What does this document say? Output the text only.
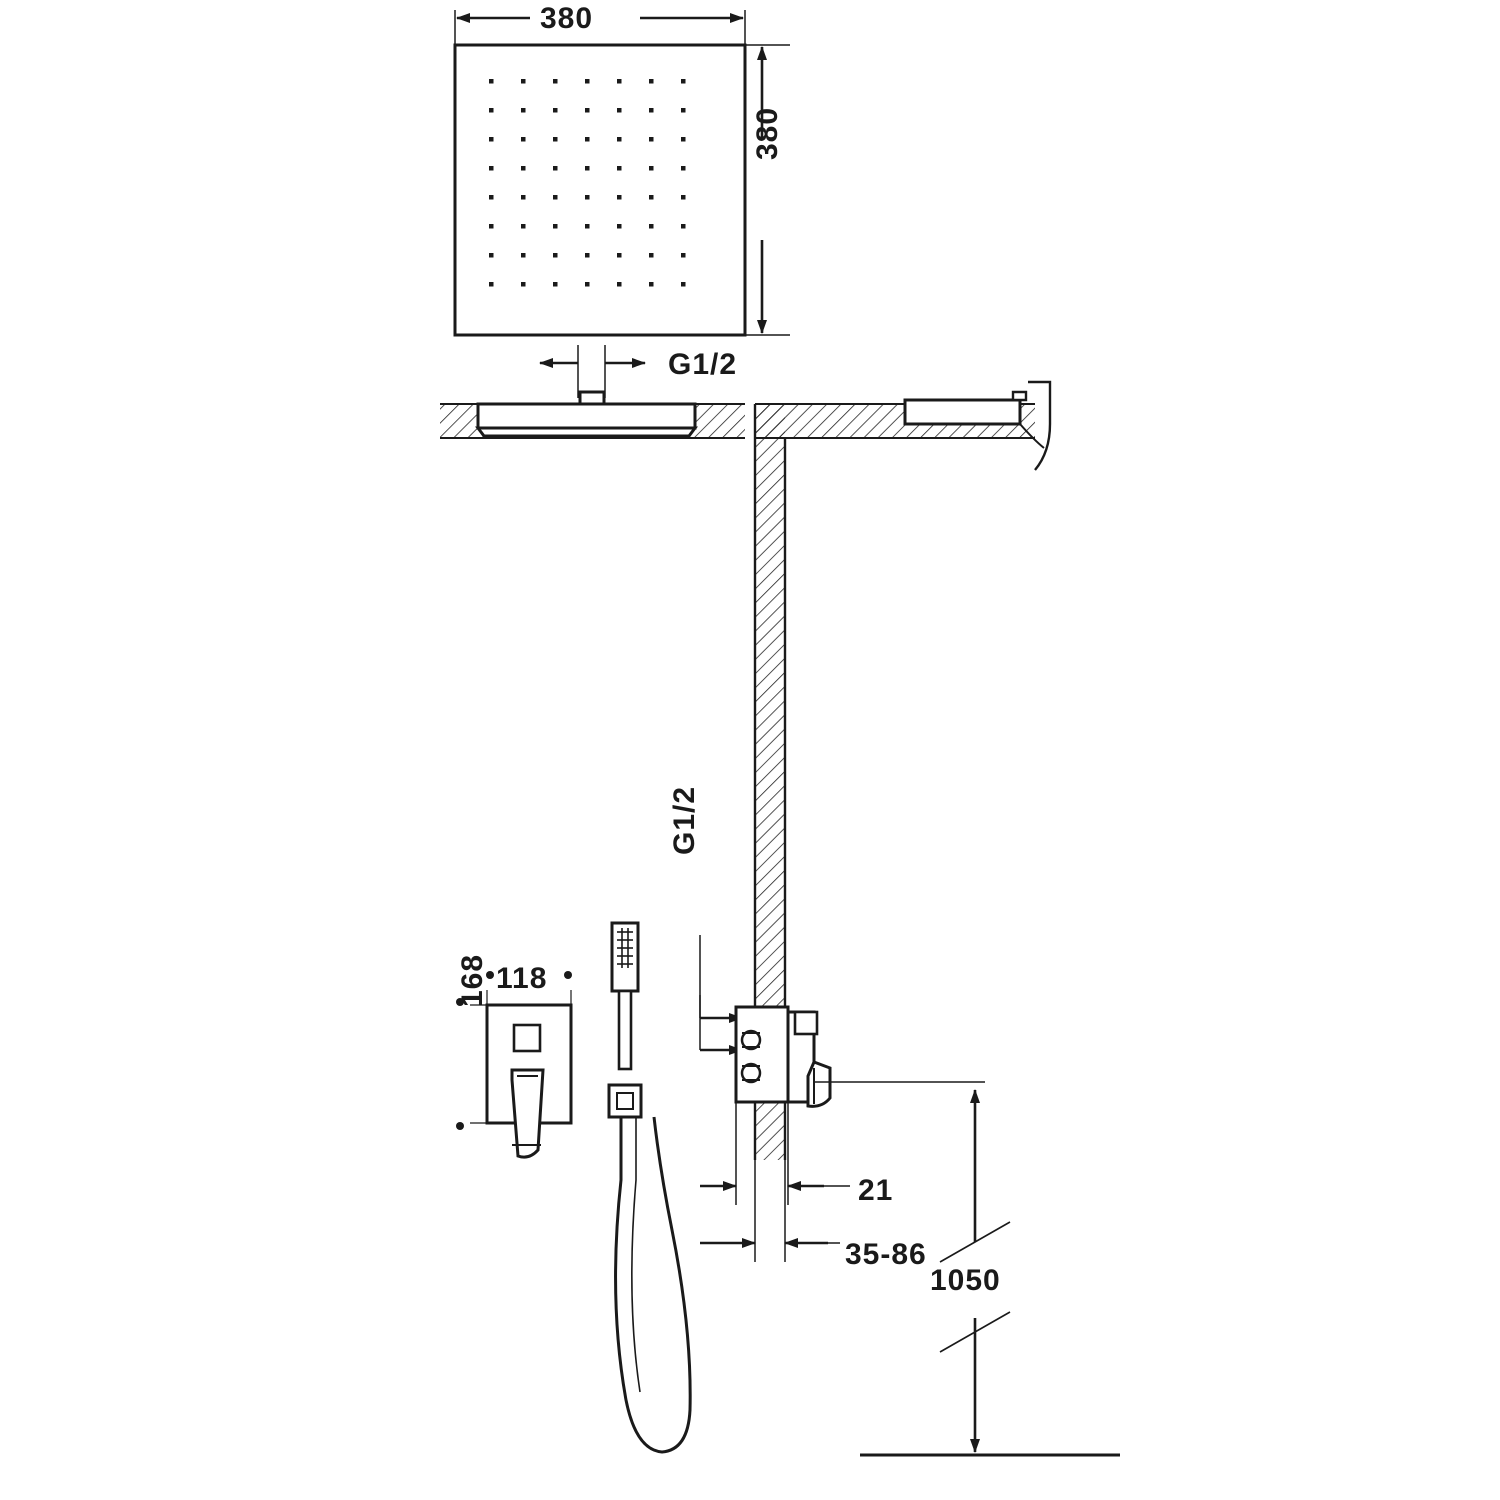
380
380
G1/2
G1/2
118
168
21
35-86
1050
